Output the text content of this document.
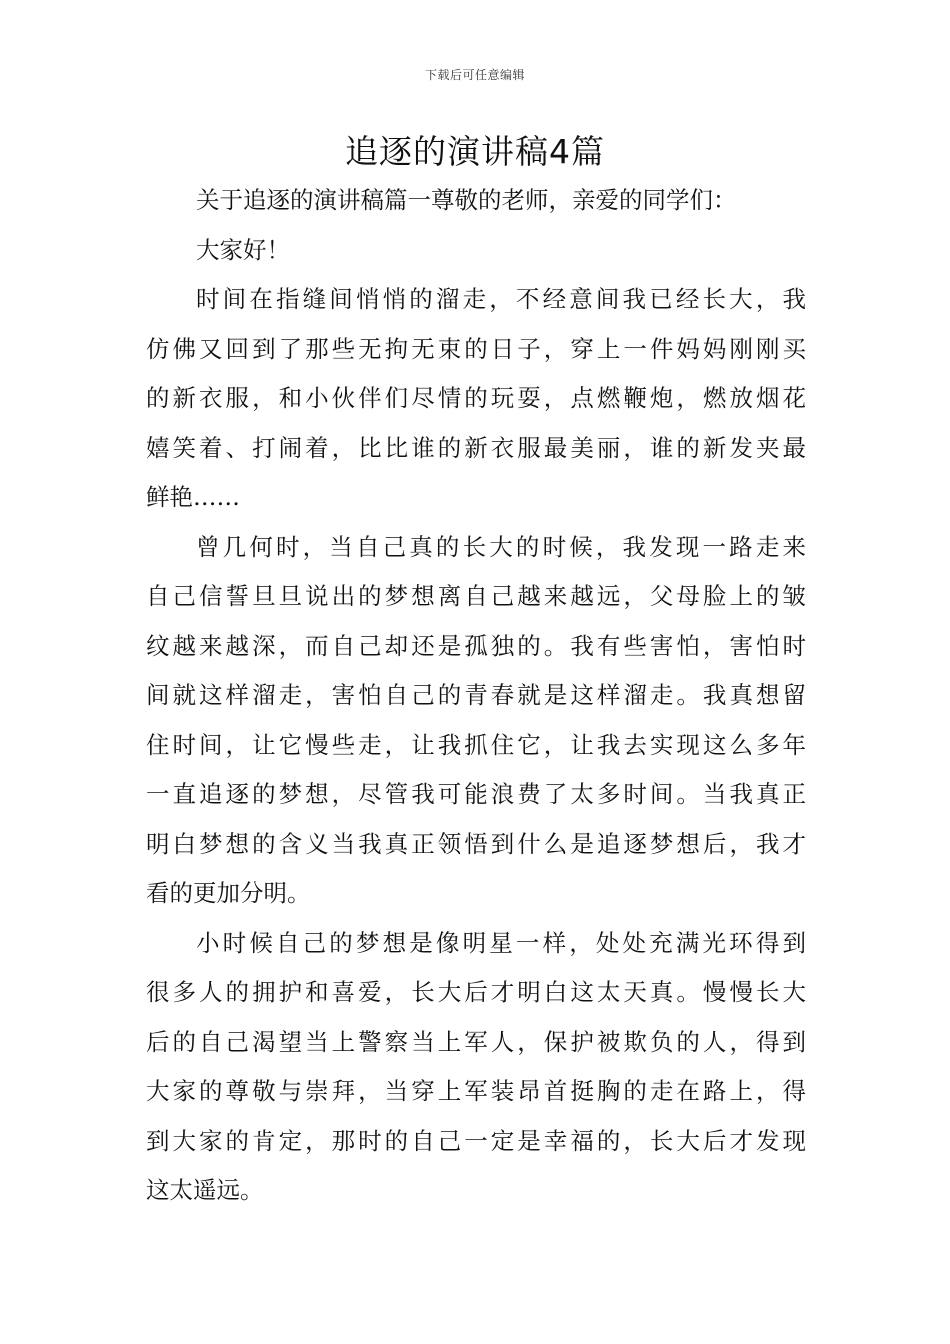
下载后可任意编辑
追逐的演讲稿4篇

关于追逐的演讲稿篇一尊敬的老师，亲爱的同学们：

大家好！

时间在指缝间悄悄的溜走，不经意间我已经长大，我

仿佛又回到了那些无拘无束的日子，穿上一件妈妈刚刚买

的新衣服，和小伙伴们尽情的玩耍，点燃鞭炮，燃放烟花

嬉笑着、打闹着，比比谁的新衣服最美丽，谁的新发夹最

鲜艳……

曾几何时，当自己真的长大的时候，我发现一路走来

自己信誓旦旦说出的梦想离自己越来越远，父母脸上的皱

纹越来越深，而自己却还是孤独的。我有些害怕，害怕时

间就这样溜走，害怕自己的青春就是这样溜走。我真想留

住时间，让它慢些走，让我抓住它，让我去实现这么多年

一直追逐的梦想，尽管我可能浪费了太多时间。当我真正

明白梦想的含义当我真正领悟到什么是追逐梦想后，我才

看的更加分明。

小时候自己的梦想是像明星一样，处处充满光环得到

很多人的拥护和喜爱，长大后才明白这太天真。慢慢长大

后的自己渴望当上警察当上军人，保护被欺负的人，得到

大家的尊敬与崇拜，当穿上军装昂首挺胸的走在路上，得

到大家的肯定，那时的自己一定是幸福的，长大后才发现

这太遥远。
